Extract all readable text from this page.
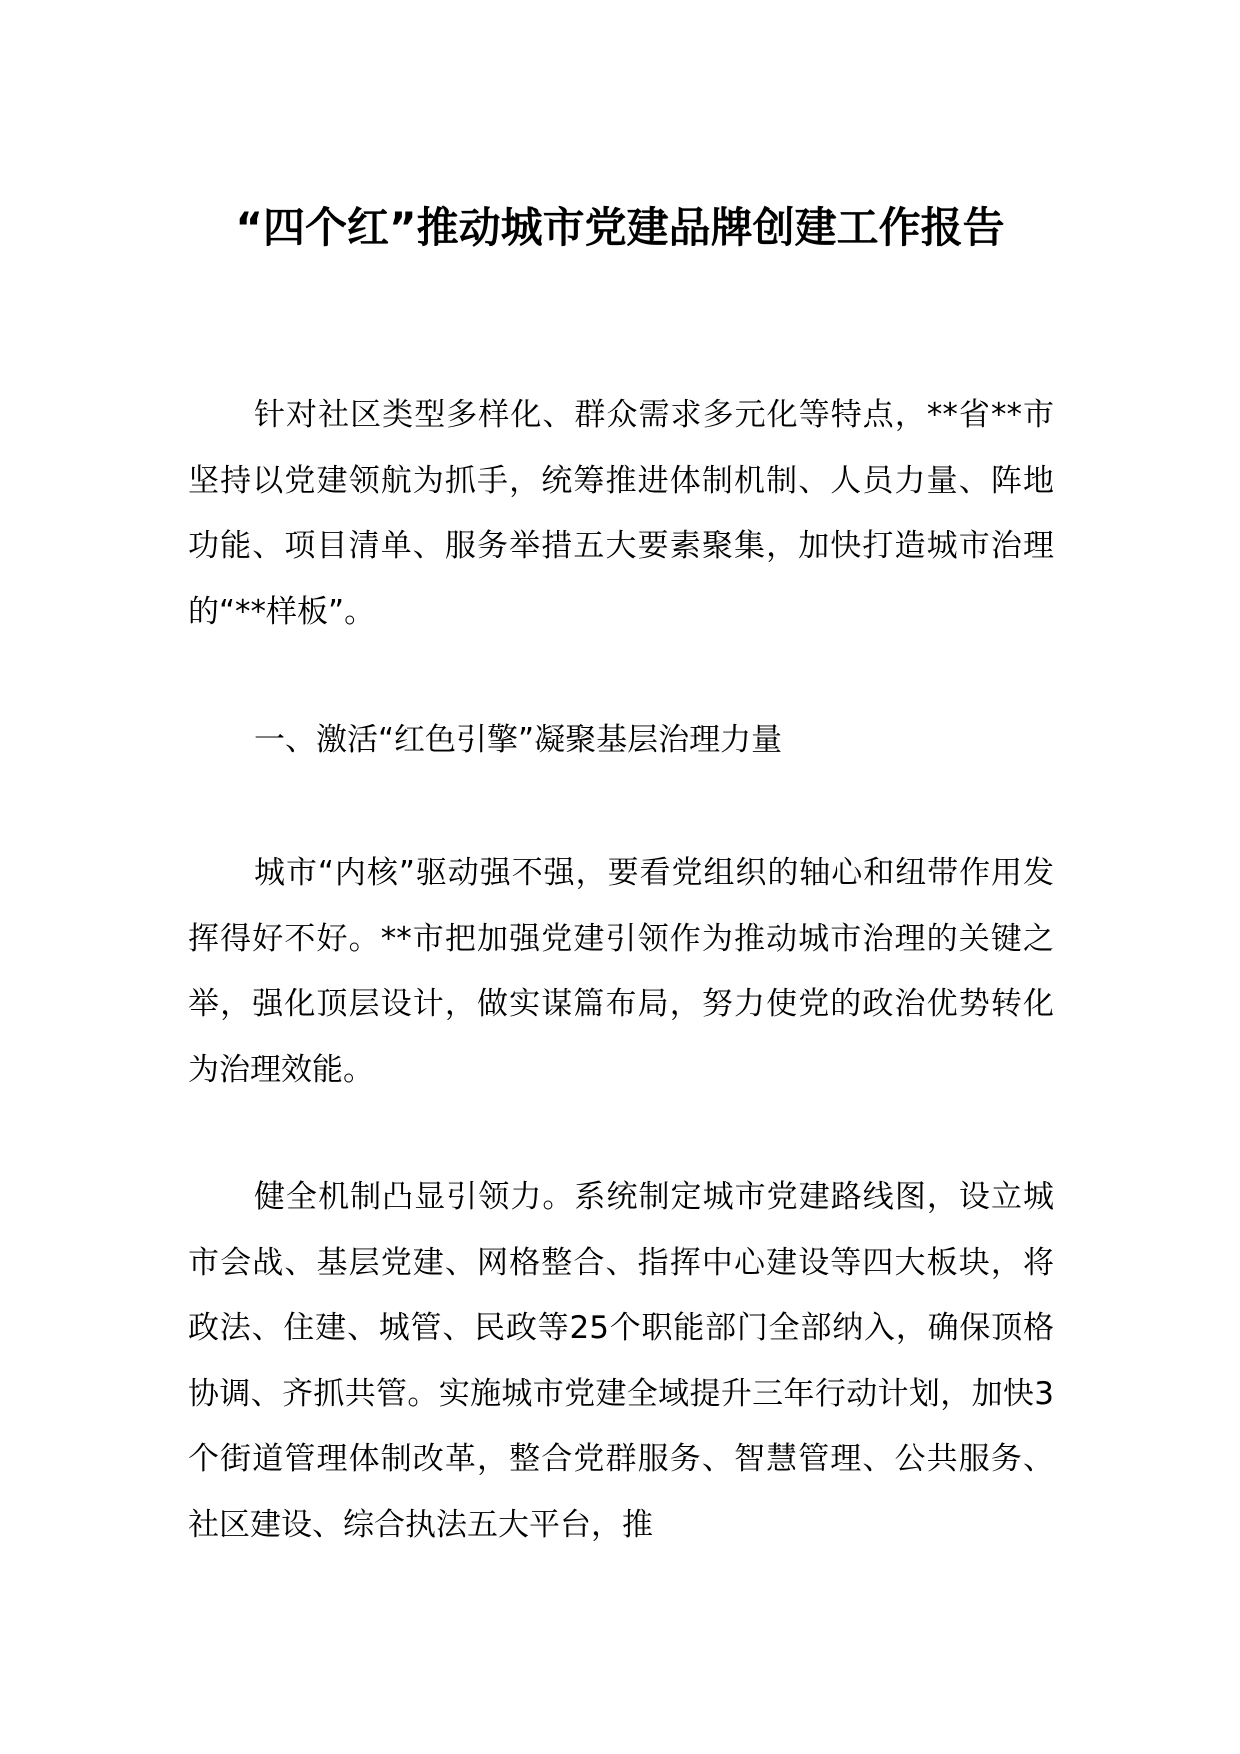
“四个红”推动城市党建品牌创建工作报告

针对社区类型多样化、群众需求多元化等特点，**省**市坚持以党建领航为抓手，统筹推进体制机制、人员力量、阵地功能、项目清单、服务举措五大要素聚集，加快打造城市治理的“**样板”。

一、激活“红色引擎”凝聚基层治理力量

城市“内核”驱动强不强，要看党组织的轴心和纽带作用发挥得好不好。**市把加强党建引领作为推动城市治理的关键之举，强化顶层设计，做实谋篇布局，努力使党的政治优势转化为治理效能。

健全机制凸显引领力。系统制定城市党建路线图，设立城市会战、基层党建、网格整合、指挥中心建设等四大板块，将政法、住建、城管、民政等25个职能部门全部纳入，确保顶格协调、齐抓共管。实施城市党建全域提升三年行动计划，加快3个街道管理体制改革，整合党群服务、智慧管理、公共服务、社区建设、综合执法五大平台，推
